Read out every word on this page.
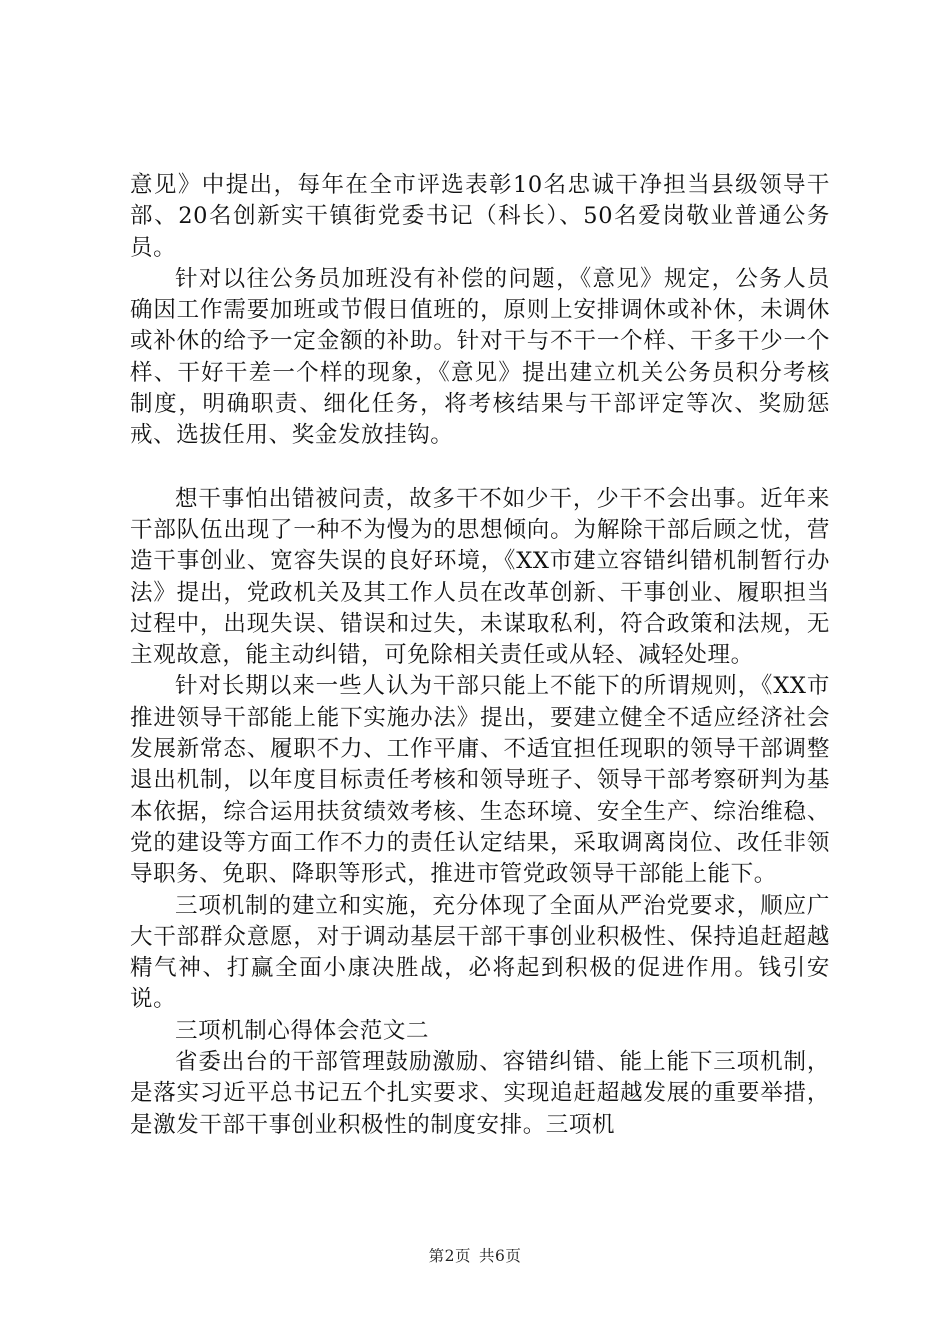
意见》中提出，每年在全市评选表彰10名忠诚干净担当县级领导干部、20名创新实干镇街党委书记（科长）、50名爱岗敬业普通公务员。

针对以往公务员加班没有补偿的问题，《意见》规定，公务人员确因工作需要加班或节假日值班的，原则上安排调休或补休，未调休或补休的给予一定金额的补助。针对干与不干一个样、干多干少一个样、干好干差一个样的现象，《意见》提出建立机关公务员积分考核制度，明确职责、细化任务，将考核结果与干部评定等次、奖励惩戒、选拔任用、奖金发放挂钩。

想干事怕出错被问责，故多干不如少干，少干不会出事。近年来干部队伍出现了一种不为慢为的思想倾向。为解除干部后顾之忧，营造干事创业、宽容失误的良好环境，《XX市建立容错纠错机制暂行办法》提出，党政机关及其工作人员在改革创新、干事创业、履职担当过程中，出现失误、错误和过失，未谋取私利，符合政策和法规，无主观故意，能主动纠错，可免除相关责任或从轻、减轻处理。

针对长期以来一些人认为干部只能上不能下的所谓规则，《XX市推进领导干部能上能下实施办法》提出，要建立健全不适应经济社会发展新常态、履职不力、工作平庸、不适宜担任现职的领导干部调整退出机制，以年度目标责任考核和领导班子、领导干部考察研判为基本依据，综合运用扶贫绩效考核、生态环境、安全生产、综治维稳、党的建设等方面工作不力的责任认定结果，采取调离岗位、改任非领导职务、免职、降职等形式，推进市管党政领导干部能上能下。

三项机制的建立和实施，充分体现了全面从严治党要求，顺应广大干部群众意愿，对于调动基层干部干事创业积极性、保持追赶超越精气神、打赢全面小康决胜战，必将起到积极的促进作用。钱引安说。

三项机制心得体会范文二

省委出台的干部管理鼓励激励、容错纠错、能上能下三项机制，是落实习近平总书记五个扎实要求、实现追赶超越发展的重要举措，是激发干部干事创业积极性的制度安排。三项机

第2页 共6页
